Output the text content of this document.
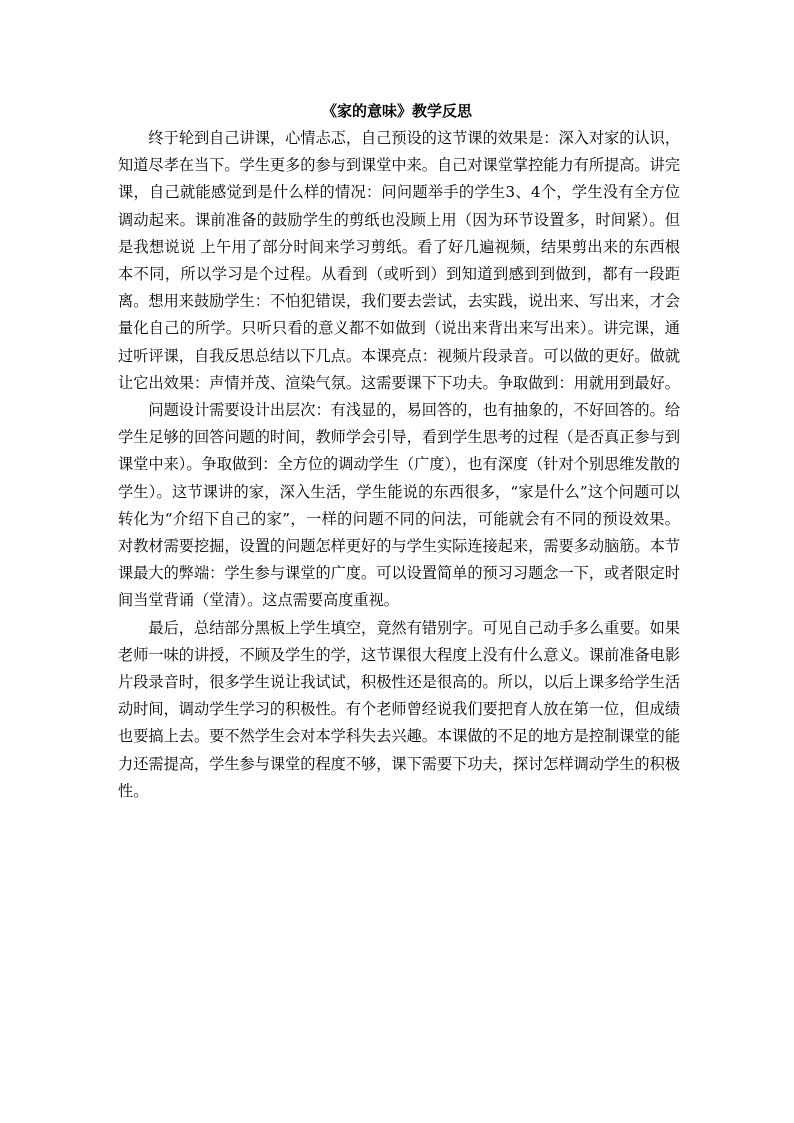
《家的意味》教学反思

终于轮到自己讲课，心情忐忑，自己预设的这节课的效果是：深入对家的认识，知道尽孝在当下。学生更多的参与到课堂中来。自己对课堂掌控能力有所提高。讲完课，自己就能感觉到是什么样的情况：问问题举手的学生3、4个，学生没有全方位调动起来。课前准备的鼓励学生的剪纸也没顾上用（因为环节设置多，时间紧）。但是我想说说 上午用了部分时间来学习剪纸。看了好几遍视频，结果剪出来的东西根本不同，所以学习是个过程。从看到（或听到）到知道到感到到做到，都有一段距离。想用来鼓励学生：不怕犯错误，我们要去尝试，去实践，说出来、写出来，才会量化自己的所学。只听只看的意义都不如做到（说出来背出来写出来）。讲完课，通过听评课，自我反思总结以下几点。本课亮点：视频片段录音。可以做的更好。做就让它出效果：声情并茂、渲染气氛。这需要课下下功夫。争取做到：用就用到最好。

问题设计需要设计出层次：有浅显的，易回答的，也有抽象的，不好回答的。给学生足够的回答问题的时间，教师学会引导，看到学生思考的过程（是否真正参与到课堂中来）。争取做到：全方位的调动学生（广度），也有深度（针对个别思维发散的学生）。这节课讲的家，深入生活，学生能说的东西很多，“家是什么”这个问题可以转化为“介绍下自己的家”，一样的问题不同的问法，可能就会有不同的预设效果。对教材需要挖掘，设置的问题怎样更好的与学生实际连接起来，需要多动脑筋。本节课最大的弊端：学生参与课堂的广度。可以设置简单的预习习题念一下，或者限定时间当堂背诵（堂清）。这点需要高度重视。

最后，总结部分黑板上学生填空，竟然有错别字。可见自己动手多么重要。如果老师一味的讲授，不顾及学生的学，这节课很大程度上没有什么意义。课前准备电影片段录音时，很多学生说让我试试，积极性还是很高的。所以，以后上课多给学生活动时间，调动学生学习的积极性。有个老师曾经说我们要把育人放在第一位，但成绩也要搞上去。要不然学生会对本学科失去兴趣。本课做的不足的地方是控制课堂的能力还需提高，学生参与课堂的程度不够，课下需要下功夫，探讨怎样调动学生的积极性。
